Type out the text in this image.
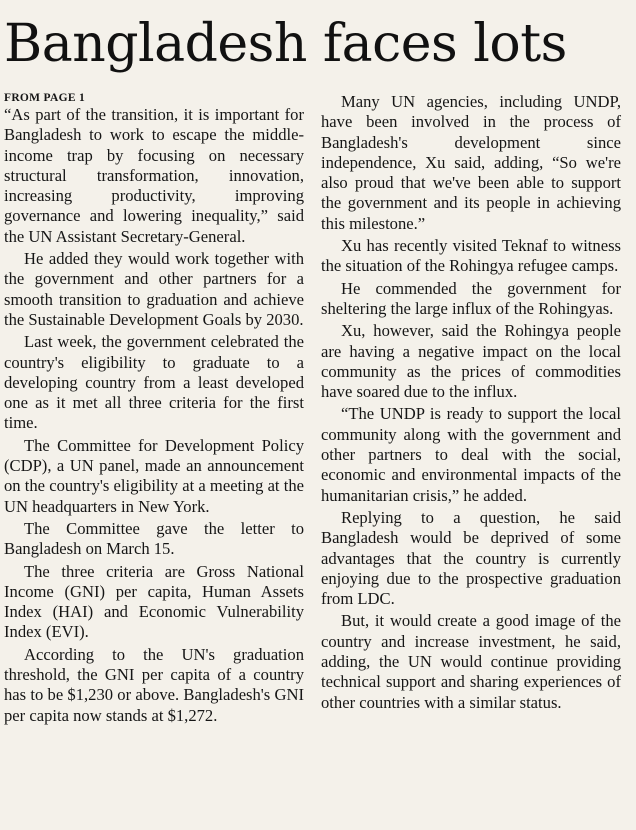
Bangladesh faces lots
FROM PAGE 1

“As part of the transition, it is important for Bangladesh to work to escape the middle-income trap by focusing on necessary structural transformation, innovation, increasing productivity, improving governance and lowering inequality,” said the UN Assistant Secretary-General.

He added they would work together with the government and other partners for a smooth transition to graduation and achieve the Sustainable Development Goals by 2030.

Last week, the government celebrated the country's eligibility to graduate to a developing country from a least developed one as it met all three criteria for the first time.

The Committee for Development Policy (CDP), a UN panel, made an announcement on the country's eligibility at a meeting at the UN headquarters in New York.

The Committee gave the letter to Bangladesh on March 15.

The three criteria are Gross National Income (GNI) per capita, Human Assets Index (HAI) and Economic Vulnerability Index (EVI).

According to the UN's graduation threshold, the GNI per capita of a country has to be $1,230 or above. Bangladesh's GNI per capita now stands at $1,272.

Many UN agencies, including UNDP, have been involved in the process of Bangladesh's development since independence, Xu said, adding, “So we're also proud that we've been able to support the government and its people in achieving this milestone.”

Xu has recently visited Teknaf to witness the situation of the Rohingya refugee camps.

He commended the government for sheltering the large influx of the Rohingyas.

Xu, however, said the Rohingya people are having a negative impact on the local community as the prices of commodities have soared due to the influx.

“The UNDP is ready to support the local community along with the government and other partners to deal with the social, economic and environmental impacts of the humanitarian crisis,” he added.

Replying to a question, he said Bangladesh would be deprived of some advantages that the country is currently enjoying due to the prospective graduation from LDC.

But, it would create a good image of the country and increase investment, he said, adding, the UN would continue providing technical support and sharing experiences of other countries with a similar status.
